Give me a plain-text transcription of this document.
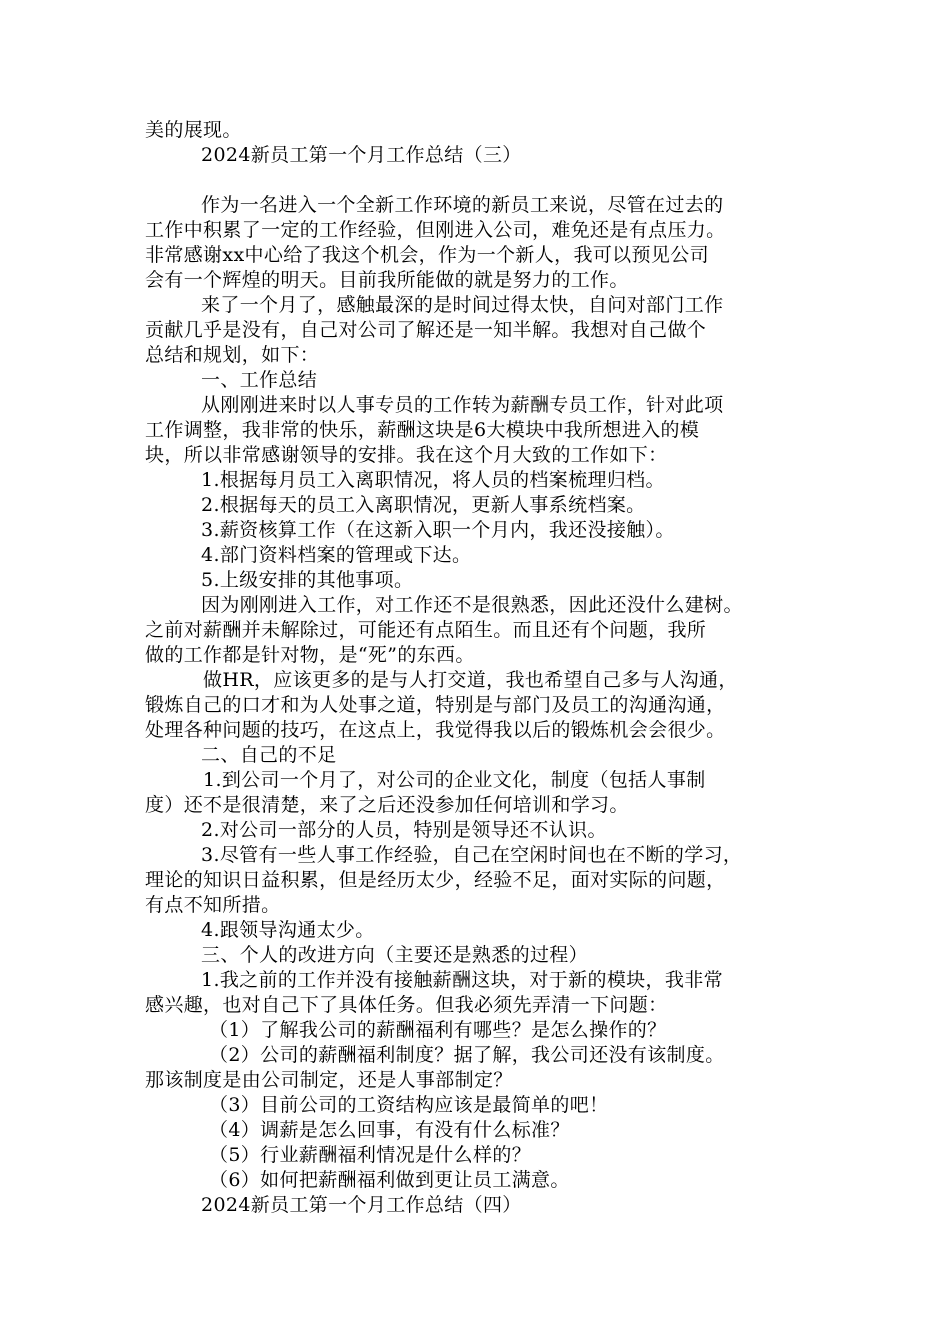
美的展现。
2024新员工第一个月工作总结（三）
作为一名进入一个全新工作环境的新员工来说，尽管在过去的
工作中积累了一定的工作经验，但刚进入公司，难免还是有点压力。
非常感谢xx中心给了我这个机会，作为一个新人，我可以预见公司
会有一个辉煌的明天。目前我所能做的就是努力的工作。
来了一个月了，感触最深的是时间过得太快，自问对部门工作
贡献几乎是没有，自己对公司了解还是一知半解。我想对自己做个
总结和规划，如下：
一、工作总结
从刚刚进来时以人事专员的工作转为薪酬专员工作，针对此项
工作调整，我非常的快乐，薪酬这块是6大模块中我所想进入的模
块，所以非常感谢领导的安排。我在这个月大致的工作如下：
1.根据每月员工入离职情况，将人员的档案梳理归档。
2.根据每天的员工入离职情况，更新人事系统档案。
3.薪资核算工作（在这新入职一个月内，我还没接触）。
4.部门资料档案的管理或下达。
5.上级安排的其他事项。
因为刚刚进入工作，对工作还不是很熟悉，因此还没什么建树。
之前对薪酬并未解除过，可能还有点陌生。而且还有个问题，我所
做的工作都是针对物，是“死”的东西。
做HR，应该更多的是与人打交道，我也希望自己多与人沟通，
锻炼自己的口才和为人处事之道，特别是与部门及员工的沟通沟通，
处理各种问题的技巧，在这点上，我觉得我以后的锻炼机会会很少。
二、自己的不足
1.到公司一个月了，对公司的企业文化，制度（包括人事制
度）还不是很清楚，来了之后还没参加任何培训和学习。
2.对公司一部分的人员，特别是领导还不认识。
3.尽管有一些人事工作经验，自己在空闲时间也在不断的学习，
理论的知识日益积累，但是经历太少，经验不足，面对实际的问题，
有点不知所措。
4.跟领导沟通太少。
三、个人的改进方向（主要还是熟悉的过程）
1.我之前的工作并没有接触薪酬这块，对于新的模块，我非常
感兴趣，也对自己下了具体任务。但我必须先弄清一下问题：
（1）了解我公司的薪酬福利有哪些？是怎么操作的？
（2）公司的薪酬福利制度？据了解，我公司还没有该制度。
那该制度是由公司制定，还是人事部制定？
（3）目前公司的工资结构应该是最简单的吧！
（4）调薪是怎么回事，有没有什么标准？
（5）行业薪酬福利情况是什么样的？
（6）如何把薪酬福利做到更让员工满意。
2024新员工第一个月工作总结（四）
